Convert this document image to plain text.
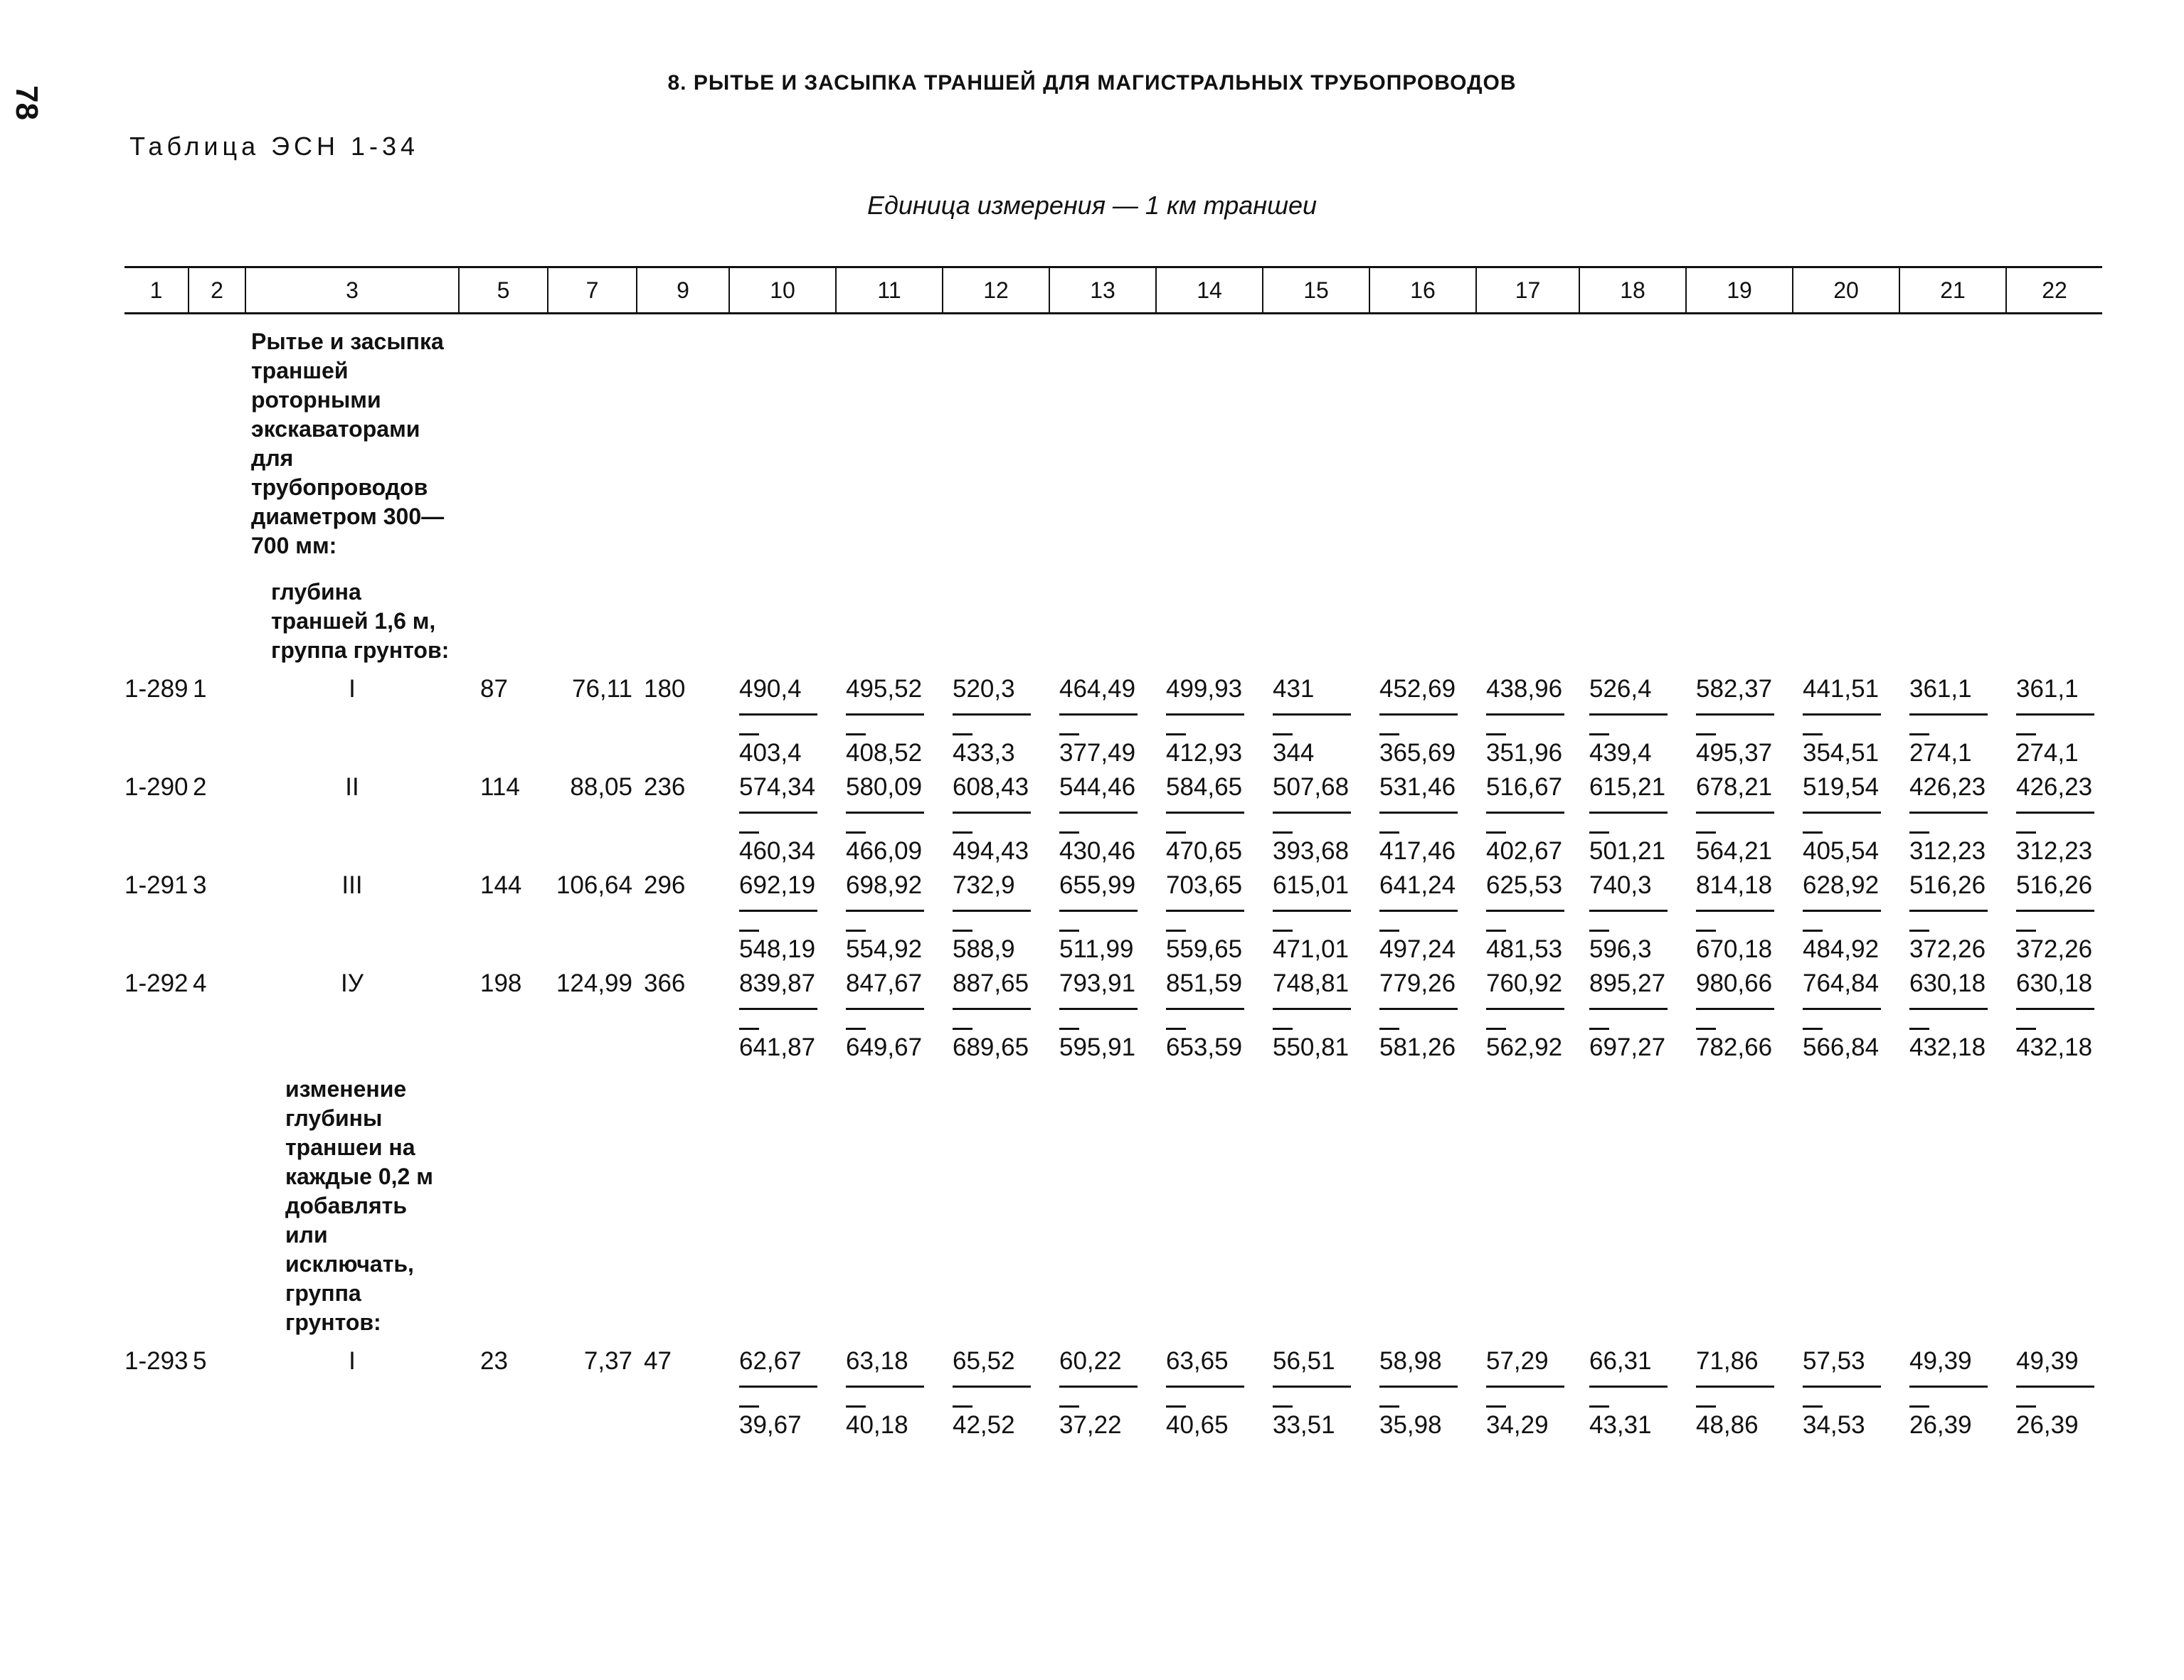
78
8. РЫТЬЕ И ЗАСЫПКА ТРАНШЕЙ ДЛЯ МАГИСТРАЛЬНЫХ ТРУБОПРОВОДОВ
Таблица ЭСН 1-34
Единица измерения — 1 км траншеи
1	2	3	5	7	9	10	11	12	13	14	15	16	17	18	19	20	21	22
		Рытье и засыпка траншей роторными экскаваторами для трубопроводов диаметром 300—700 мм:																
		глубина траншей 1,6 м, группа грунтов:																
1-289	1	I	87	76,11	180	490,4	495,52	520,3	464,49	499,93	431	452,69	438,96	526,4	582,37	441,51	361,1	361,1

403,4	408,52	433,3	377,49	412,93	344	365,69	351,96	439,4	495,37	354,51	274,1	274,1
1-290	2	II	114	88,05	236	574,34	580,09	608,43	544,46	584,65	507,68	531,46	516,67	615,21	678,21	519,54	426,23	426,23

460,34	466,09	494,43	430,46	470,65	393,68	417,46	402,67	501,21	564,21	405,54	312,23	312,23
1-291	3	III	144	106,64	296	692,19	698,92	732,9	655,99	703,65	615,01	641,24	625,53	740,3	814,18	628,92	516,26	516,26

548,19	554,92	588,9	511,99	559,65	471,01	497,24	481,53	596,3	670,18	484,92	372,26	372,26
1-292	4	IУ	198	124,99	366	839,87	847,67	887,65	793,91	851,59	748,81	779,26	760,92	895,27	980,66	764,84	630,18	630,18

641,87	649,67	689,65	595,91	653,59	550,81	581,26	562,92	697,27	782,66	566,84	432,18	432,18
		изменение глубины траншеи на каждые 0,2 м добавлять или исключать, группа грунтов:																
1-293	5	I	23	7,37	47	62,67	63,18	65,52	60,22	63,65	56,51	58,98	57,29	66,31	71,86	57,53	49,39	49,39

39,67	40,18	42,52	37,22	40,65	33,51	35,98	34,29	43,31	48,86	34,53	26,39	26,39
